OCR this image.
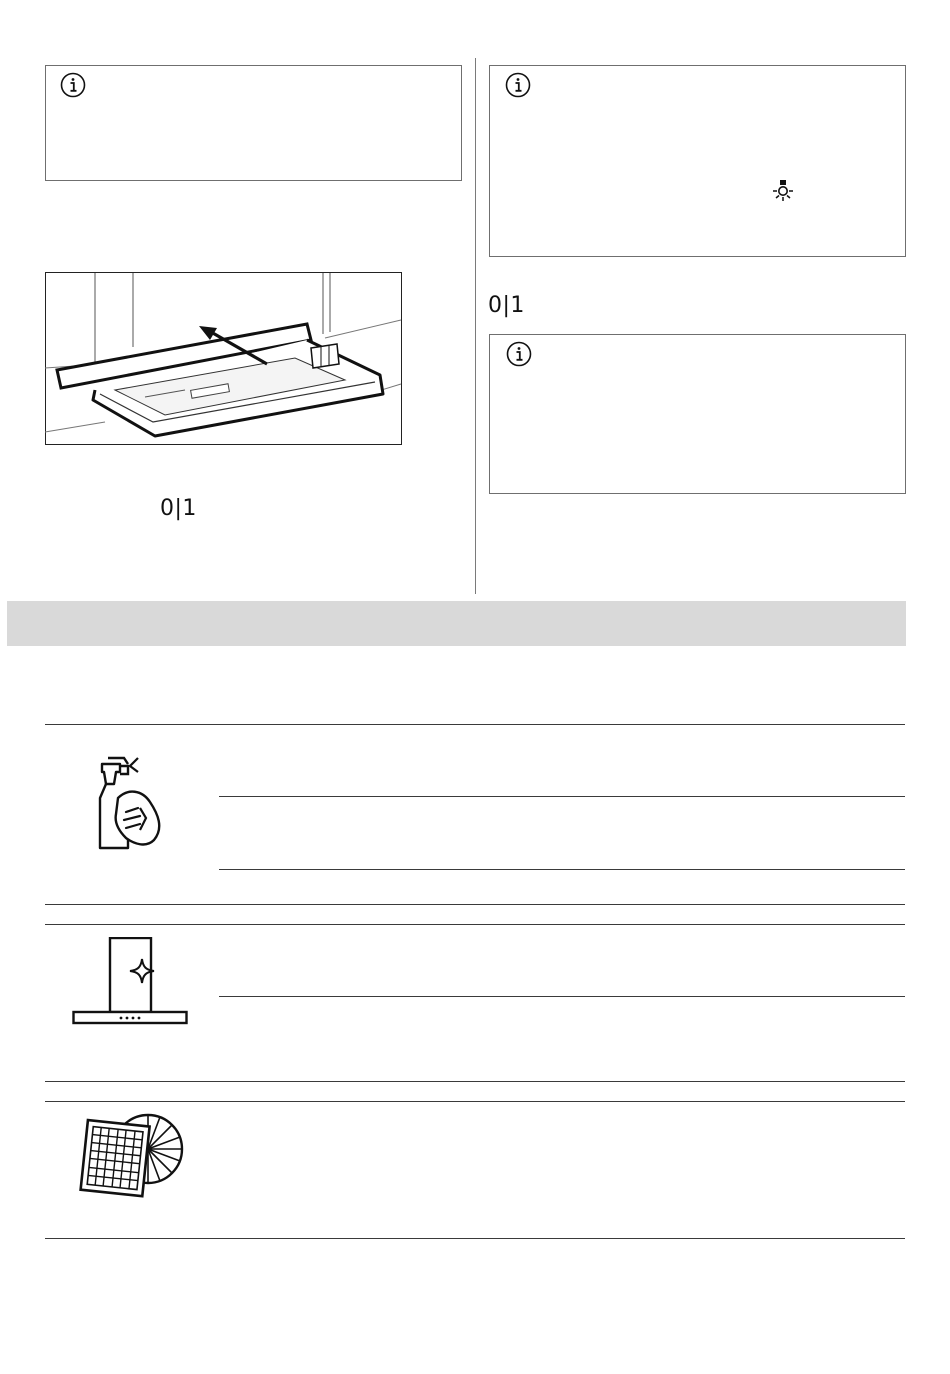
0|1
0|1
